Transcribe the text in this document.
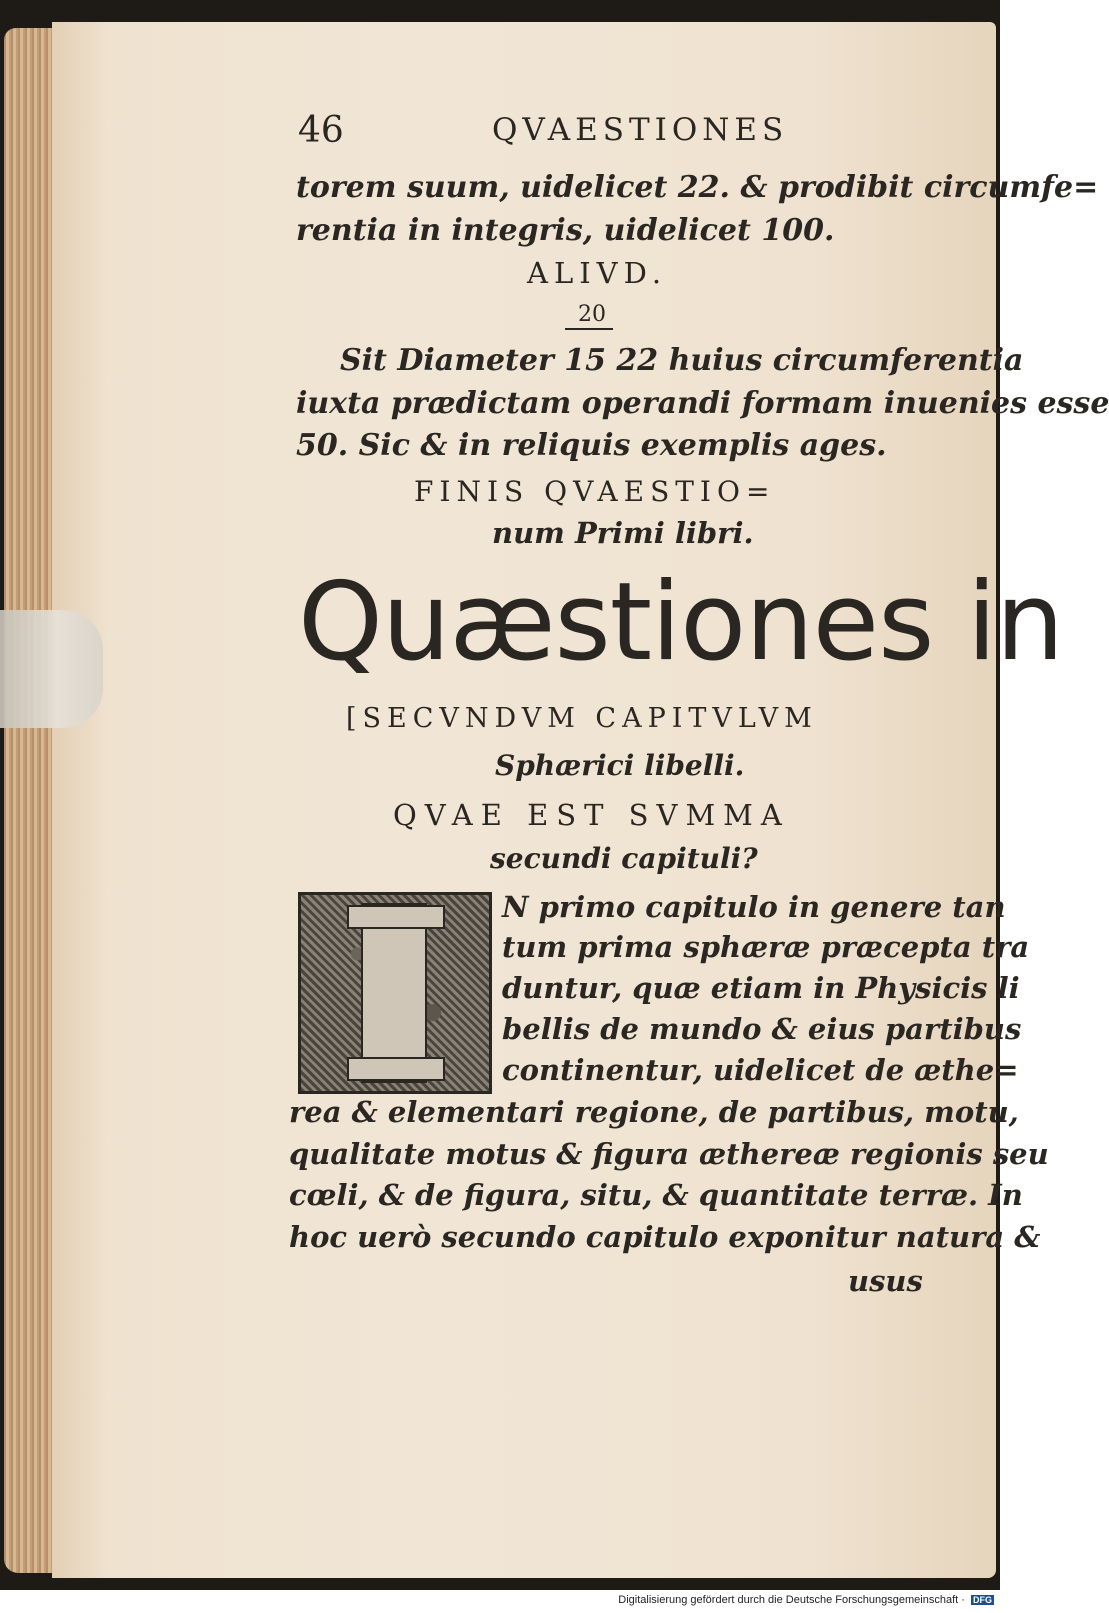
46	QVAESTIONES
torem suum, uidelicet 22. & prodibit circumfe=
rentia in integris, uidelicet 100.
ALIVD.
20
Sit Diameter 15 22 huius circumferentia
iuxta prædictam operandi formam inuenies esse
50. Sic & in reliquis exemplis ages.
FINIS QVAESTIO=
num Primi libri.
Quæstiones in
[SECVNDVM CAPITVLVM
Sphærici libelli.
QVAE EST SVMMA
secundi capituli?
N primo capitulo in genere tan
tum prima sphæræ præcepta tra
duntur, quæ etiam in Physicis li
bellis de mundo & eius partibus
continentur, uidelicet de æthe=
rea & elementari regione, de partibus, motu,
qualitate motus & figura æthereæ regionis seu
cœli, & de figura, situ, & quantitate terræ. In
hoc uerò secundo capitulo exponitur natura &
usus
Digitalisierung gefördert durch die Deutsche Forschungsgemeinschaft · DFG
